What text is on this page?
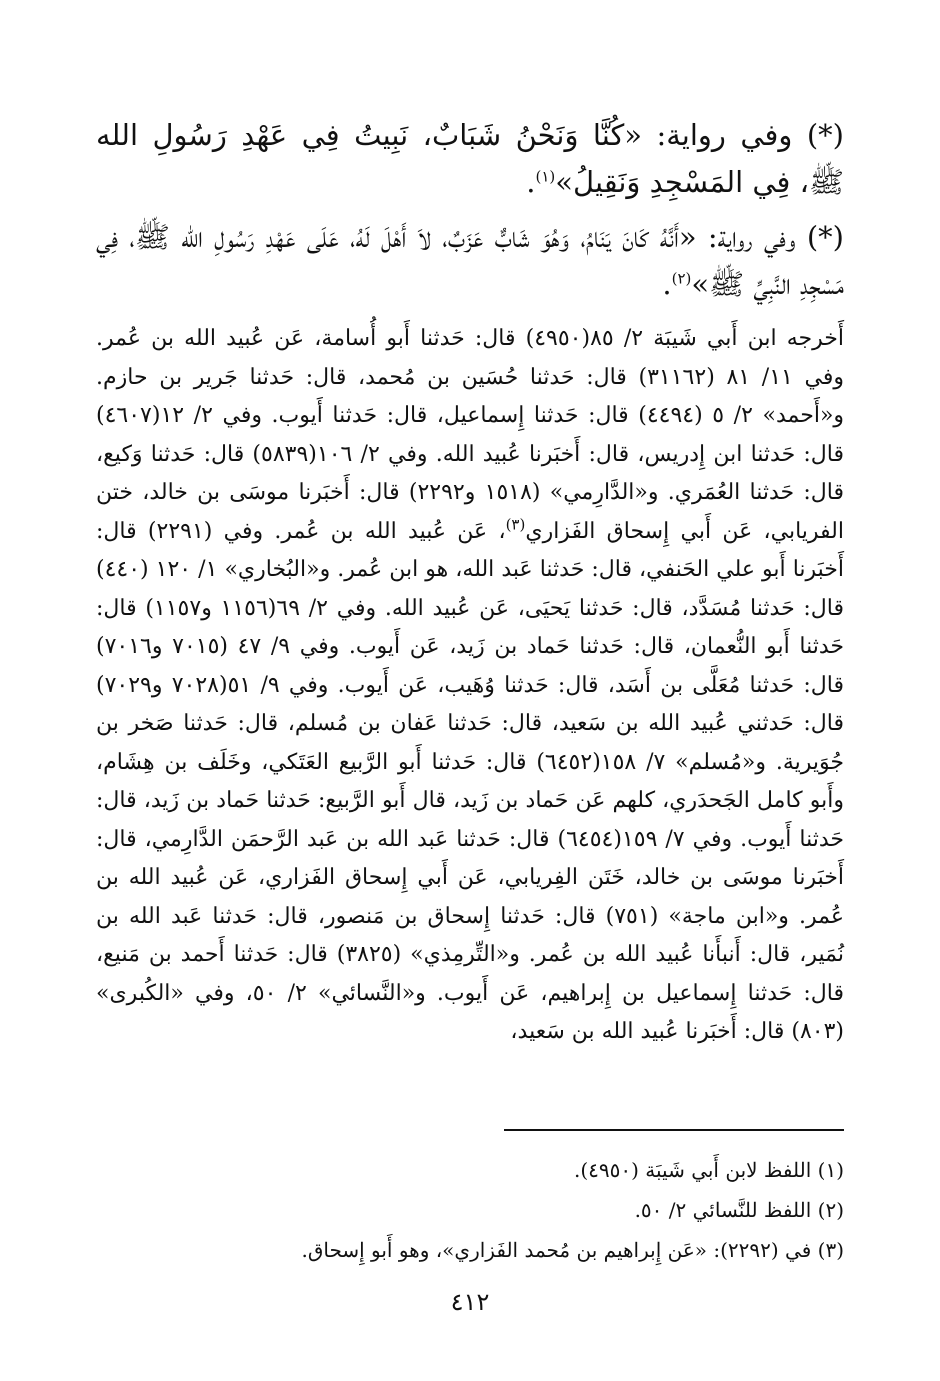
(*) وفي رواية: «كُنَّا وَنَحْنُ شَبَابٌ، نَبِيتُ فِي عَهْدِ رَسُولِ الله ﷺ، فِي المَسْجِدِ وَنَقِيلُ»$^{(١)}$.

(*) وفي رواية: «أَنَّهُ كَانَ يَنَامُ، وَهُوَ شَابٌّ عَزَبٌ، لاَ أَهْلَ لَهُ، عَلَى عَهْدِ رَسُولِ الله ﷺ، فِي مَسْجِدِ النَّبِيِّ ﷺ»$^{(٢)}$.

أَخرجه ابن أَبي شَيبَة ٢/ ٨٥(٤٩٥٠) قال: حَدثنا أَبو أُسامة، عَن عُبيد الله بن عُمر. وفي ١١/ ٨١ (٣١١٦٢) قال: حَدثنا حُسَين بن مُحمد، قال: حَدثنا جَرير بن حازم. و«أَحمد» ٢/ ٥ (٤٤٩٤) قال: حَدثنا إِسماعيل، قال: حَدثنا أَيوب. وفي ٢/ ١٢(٤٦٠٧) قال: حَدثنا ابن إِدريس، قال: أَخبَرنا عُبيد الله. وفي ٢/ ١٠٦(٥٨٣٩) قال: حَدثنا وَكيع، قال: حَدثنا العُمَري. و«الدَّارِمي» (١٥١٨ و٢٢٩٢) قال: أَخبَرنا موسَى بن خالد، ختن الفريابي، عَن أَبي إِسحاق الفَزاري$^{(٣)}$، عَن عُبيد الله بن عُمر. وفي (٢٢٩١) قال: أَخبَرنا أَبو علي الحَنفي، قال: حَدثنا عَبد الله، هو ابن عُمر. و«البُخاري» ١/ ١٢٠ (٤٤٠) قال: حَدثنا مُسَدَّد، قال: حَدثنا يَحيَى، عَن عُبيد الله. وفي ٢/ ٦٩(١١٥٦ و١١٥٧) قال: حَدثنا أَبو النُّعمان، قال: حَدثنا حَماد بن زَيد، عَن أَيوب. وفي ٩/ ٤٧ (٧٠١٥ و٧٠١٦) قال: حَدثنا مُعَلَّى بن أَسَد، قال: حَدثنا وُهَيب، عَن أَيوب. وفي ٩/ ٥١(٧٠٢٨ و٧٠٢٩) قال: حَدثني عُبيد الله بن سَعيد، قال: حَدثنا عَفان بن مُسلم، قال: حَدثنا صَخر بن جُوَيرية. و«مُسلم» ٧/ ١٥٨(٦٤٥٢) قال: حَدثنا أَبو الرَّبيع العَتَكي، وخَلَف بن هِشَام، وأَبو كامل الجَحدَري، كلهم عَن حَماد بن زَيد، قال أَبو الرَّبيع: حَدثنا حَماد بن زَيد، قال: حَدثنا أَيوب. وفي ٧/ ١٥٩(٦٤٥٤) قال: حَدثنا عَبد الله بن عَبد الرَّحمَن الدَّارِمي، قال: أَخبَرنا موسَى بن خالد، خَتَن الفِريابي، عَن أَبي إِسحاق الفَزاري، عَن عُبيد الله بن عُمر. و«ابن ماجة» (٧٥١) قال: حَدثنا إِسحاق بن مَنصور، قال: حَدثنا عَبد الله بن نُمَير، قال: أَنبأَنا عُبيد الله بن عُمر. و«التِّرمِذي» (٣٨٢٥) قال: حَدثنا أَحمد بن مَنيع، قال: حَدثنا إِسماعيل بن إِبراهيم، عَن أَيوب. و«النَّسائي» ٢/ ٥٠، وفي «الكُبرى» (٨٠٣) قال: أَخبَرنا عُبيد الله بن سَعيد،

(١) اللفظ لابن أَبي شَيبَة (٤٩٥٠).

(٢) اللفظ للنَّسائي ٢/ ٥٠.

(٣) في (٢٢٩٢): «عَن إِبراهيم بن مُحمد الفَزاري»، وهو أَبو إِسحاق.

٤١٢
